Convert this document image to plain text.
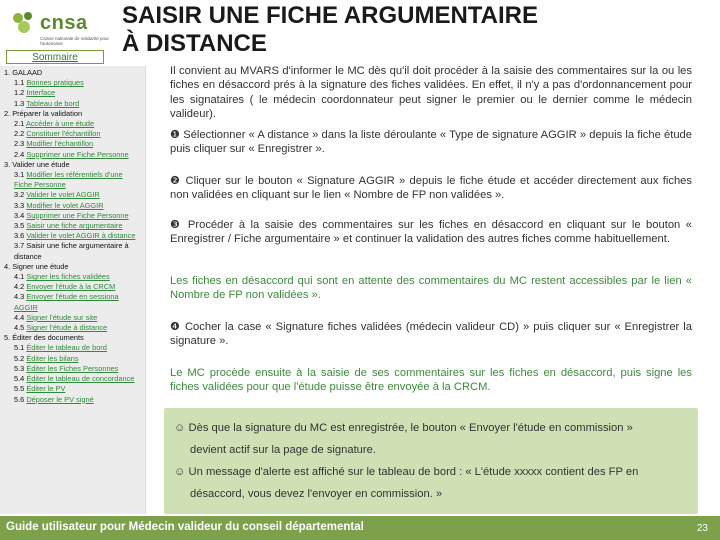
cnsa
Caisse nationale de solidarité pour l'autonomie
Sommaire
SAISIR UNE FICHE ARGUMENTAIRE
À DISTANCE
1. GALAAD
1.1 Bonnes pratiques
1.2 Interface
1.3 Tableau de bord
2. Préparer la validation
2.1 Accéder à une étude
2.2 Constituer l'échantillon
2.3 Modifier l'échantillon
2.4 Supprimer une Fiche Personne
3. Valider une étude
3.1 Modifier les référentiels d'une Fiche Personne
3.2 Valider le volet AGGIR
3.3 Modifier le volet AGGIR
3.4 Supprimer une Fiche Personne
3.5 Saisir une fiche argumentaire
3.6 Valider le volet AGGIR à distance
3.7 Saisir une fiche argumentaire à distance
4. Signer une étude
4.1 Signer les fiches validées
4.2 Envoyer l'étude à la CRCM
4.3 Envoyer l'étude en sessiona AGGIR
4.4 Signer l'étude sur site
4.5 Signer l'étude à distance
5. Éditer des documents
5.1 Éditer le tableau de bord
5.2 Éditer les bilans
5.3 Éditer les Fiches Personnes
5.4 Éditer le tableau de concordance
5.5 Éditer le PV
5.6 Déposer le PV signé

Il convient au MVARS d'informer le MC dès qu'il doit procéder à la saisie des commentaires sur la ou les fiches en désaccord prés à la signature des fiches validées. En effet, il n'y a pas d'ordonnancement pour les signataires ( le médecin coordonnateur peut signer le premier ou le dernier comme le médecin valideur).

❶ Sélectionner « A distance » dans la liste déroulante « Type de signature AGGIR » depuis la fiche étude puis cliquer sur « Enregistrer ».

❷ Cliquer sur le bouton « Signature AGGIR » depuis le fiche étude et accéder directement aux fiches non validées en cliquant sur le lien « Nombre de FP non validées ».

❸ Procéder à la saisie des commentaires sur les fiches en désaccord en cliquant sur le bouton « Enregistrer / Fiche argumentaire » et continuer la validation des autres fiches comme habituellement.

Les fiches en désaccord qui sont en attente des commentaires du MC restent accessibles par le lien « Nombre de FP non validées ».

❹ Cocher la case « Signature fiches validées (médecin valideur CD) » puis cliquer sur « Enregistrer la signature ».

Le MC procède ensuite à la saisie de ses commentaires sur les fiches en désaccord, puis signe les fiches validées pour que l'étude puisse être envoyée à la CRCM.

☺ Dès que la signature du MC est enregistrée, le bouton « Envoyer l'étude en commission »
devient actif sur la page de signature.
☺ Un message d'alerte est affiché sur le tableau de bord : « L'étude xxxxx contient des FP en
désaccord, vous devez l'envoyer en commission. »
Guide utilisateur pour Médecin valideur du conseil départemental	23
